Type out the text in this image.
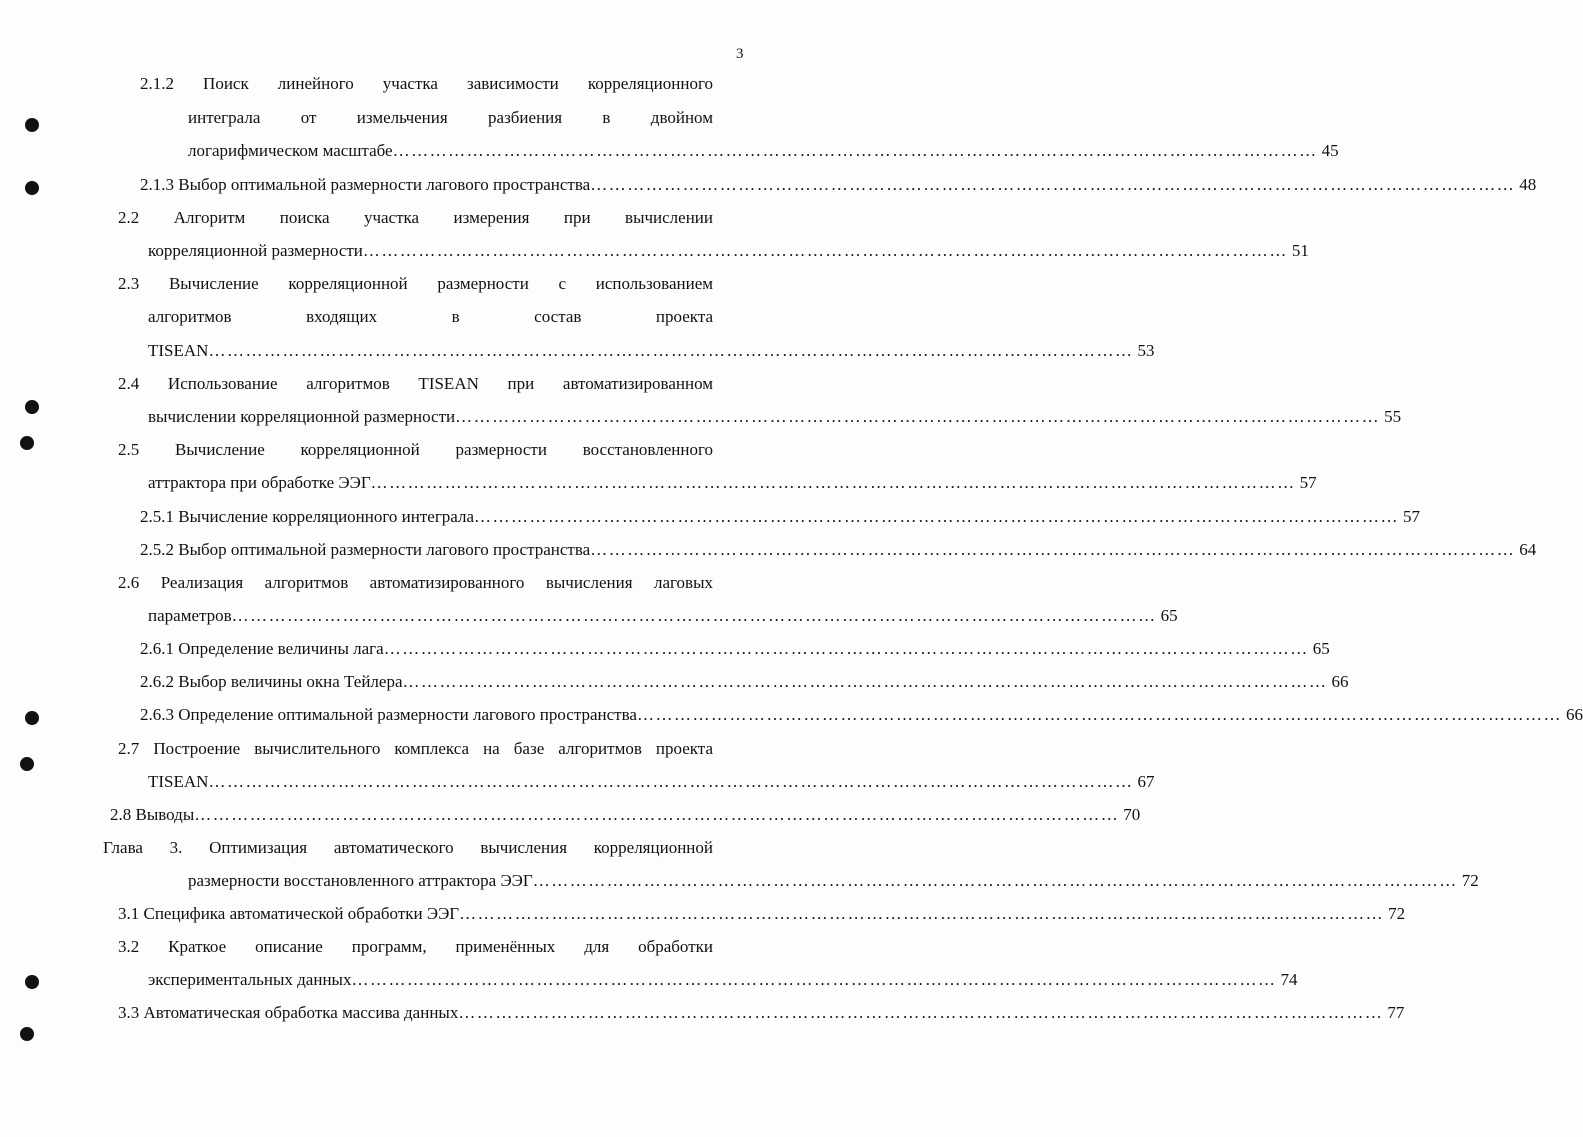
3
2.1.2 Поиск линейного участка зависимости корреляционного
интеграла от измельчения разбиения в двойном
логарифмическом масштабе ……………………………………………………………………………………………………………………………………	45
2.1.3 Выбор оптимальной размерности лагового пространства ……………………………………………………………………………………………………………………………………	48
2.2 Алгоритм поиска участка измерения при вычислении
корреляционной размерности ……………………………………………………………………………………………………………………………………	51
2.3 Вычисление корреляционной размерности с использованием
алгоритмов входящих в состав проекта
TISEAN ……………………………………………………………………………………………………………………………………	53
2.4 Использование алгоритмов TISEAN при автоматизированном
вычислении корреляционной размерности ……………………………………………………………………………………………………………………………………	55
2.5 Вычисление корреляционной размерности восстановленного
аттрактора при обработке ЭЭГ ……………………………………………………………………………………………………………………………………	57
2.5.1 Вычисление корреляционного интеграла ……………………………………………………………………………………………………………………………………	57
2.5.2 Выбор оптимальной размерности лагового пространства ……………………………………………………………………………………………………………………………………	64
2.6 Реализация алгоритмов автоматизированного вычисления лаговых
параметров ……………………………………………………………………………………………………………………………………	65
2.6.1 Определение величины лага ……………………………………………………………………………………………………………………………………	65
2.6.2 Выбор величины окна Тейлера ……………………………………………………………………………………………………………………………………	66
2.6.3 Определение оптимальной размерности лагового пространства ……………………………………………………………………………………………………………………………………	66
2.7 Построение вычислительного комплекса на базе алгоритмов проекта
TISEAN ……………………………………………………………………………………………………………………………………	67
2.8 Выводы ……………………………………………………………………………………………………………………………………	70
Глава 3. Оптимизация автоматического вычисления корреляционной
размерности восстановленного аттрактора ЭЭГ ……………………………………………………………………………………………………………………………………	72
3.1 Специфика автоматической обработки ЭЭГ ……………………………………………………………………………………………………………………………………	72
3.2 Краткое описание программ, применённых для обработки
экспериментальных данных ……………………………………………………………………………………………………………………………………	74
3.3 Автоматическая обработка массива данных ……………………………………………………………………………………………………………………………………	77
